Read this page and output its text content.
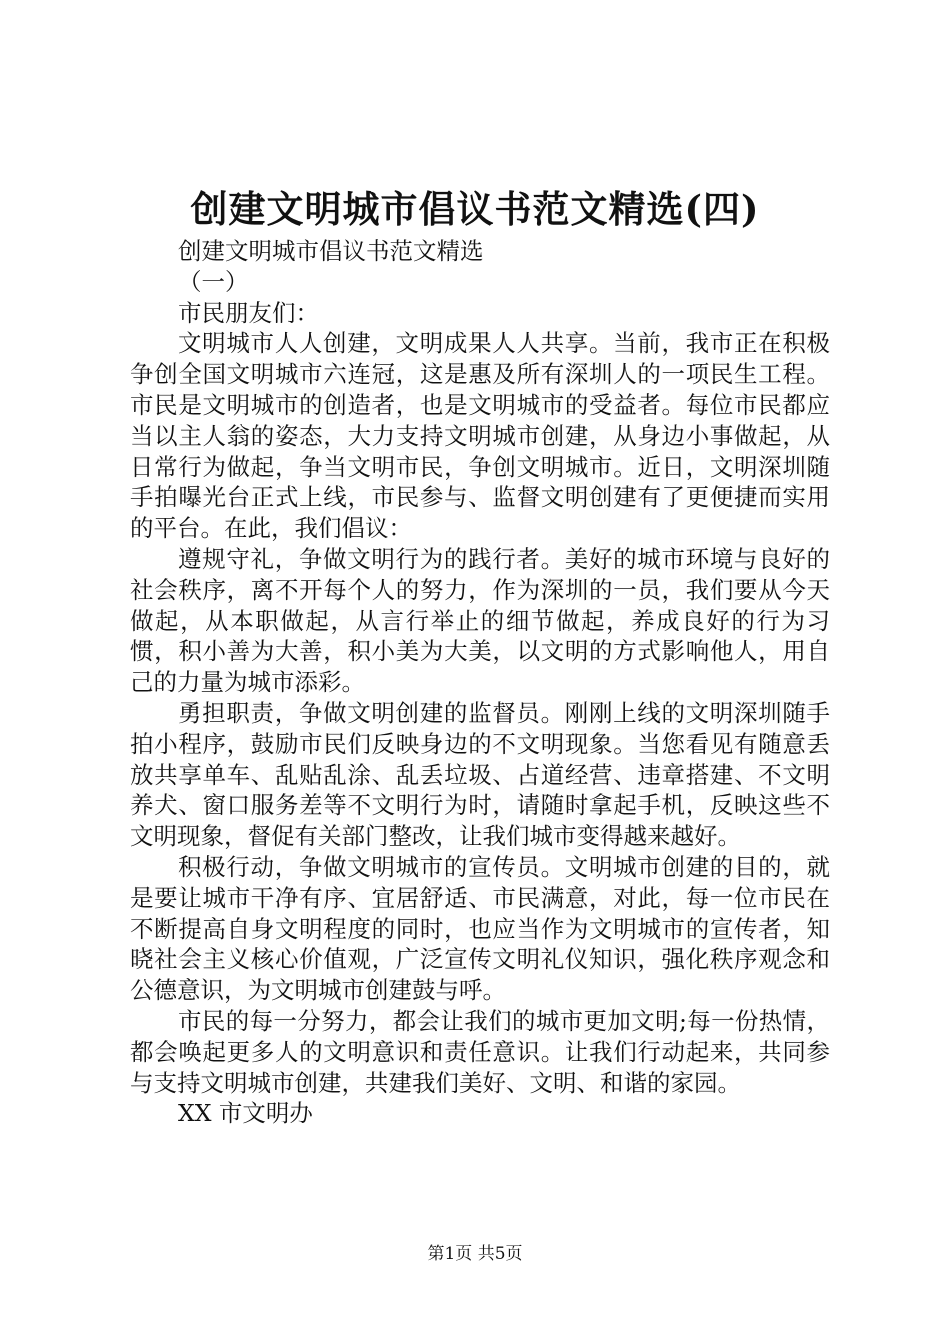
创建文明城市倡议书范文精选(四)
创建文明城市倡议书范文精选
（一）
市民朋友们：
文明城市人人创建，文明成果人人共享。当前，我市正在积极争创全国文明城市六连冠，这是惠及所有深圳人的一项民生工程。市民是文明城市的创造者，也是文明城市的受益者。每位市民都应当以主人翁的姿态，大力支持文明城市创建，从身边小事做起，从日常行为做起，争当文明市民，争创文明城市。近日，文明深圳随手拍曝光台正式上线，市民参与、监督文明创建有了更便捷而实用的平台。在此，我们倡议：
遵规守礼，争做文明行为的践行者。美好的城市环境与良好的社会秩序，离不开每个人的努力，作为深圳的一员，我们要从今天做起，从本职做起，从言行举止的细节做起，养成良好的行为习惯，积小善为大善，积小美为大美，以文明的方式影响他人，用自己的力量为城市添彩。
勇担职责，争做文明创建的监督员。刚刚上线的文明深圳随手拍小程序，鼓励市民们反映身边的不文明现象。当您看见有随意丢放共享单车、乱贴乱涂、乱丢垃圾、占道经营、违章搭建、不文明养犬、窗口服务差等不文明行为时，请随时拿起手机，反映这些不文明现象，督促有关部门整改，让我们城市变得越来越好。
积极行动，争做文明城市的宣传员。文明城市创建的目的，就是要让城市干净有序、宜居舒适、市民满意，对此，每一位市民在不断提高自身文明程度的同时，也应当作为文明城市的宣传者，知晓社会主义核心价值观，广泛宣传文明礼仪知识，强化秩序观念和公德意识，为文明城市创建鼓与呼。
市民的每一分努力，都会让我们的城市更加文明;每一份热情，都会唤起更多人的文明意识和责任意识。让我们行动起来，共同参与支持文明城市创建，共建我们美好、文明、和谐的家园。
XX 市文明办
第1页 共5页
